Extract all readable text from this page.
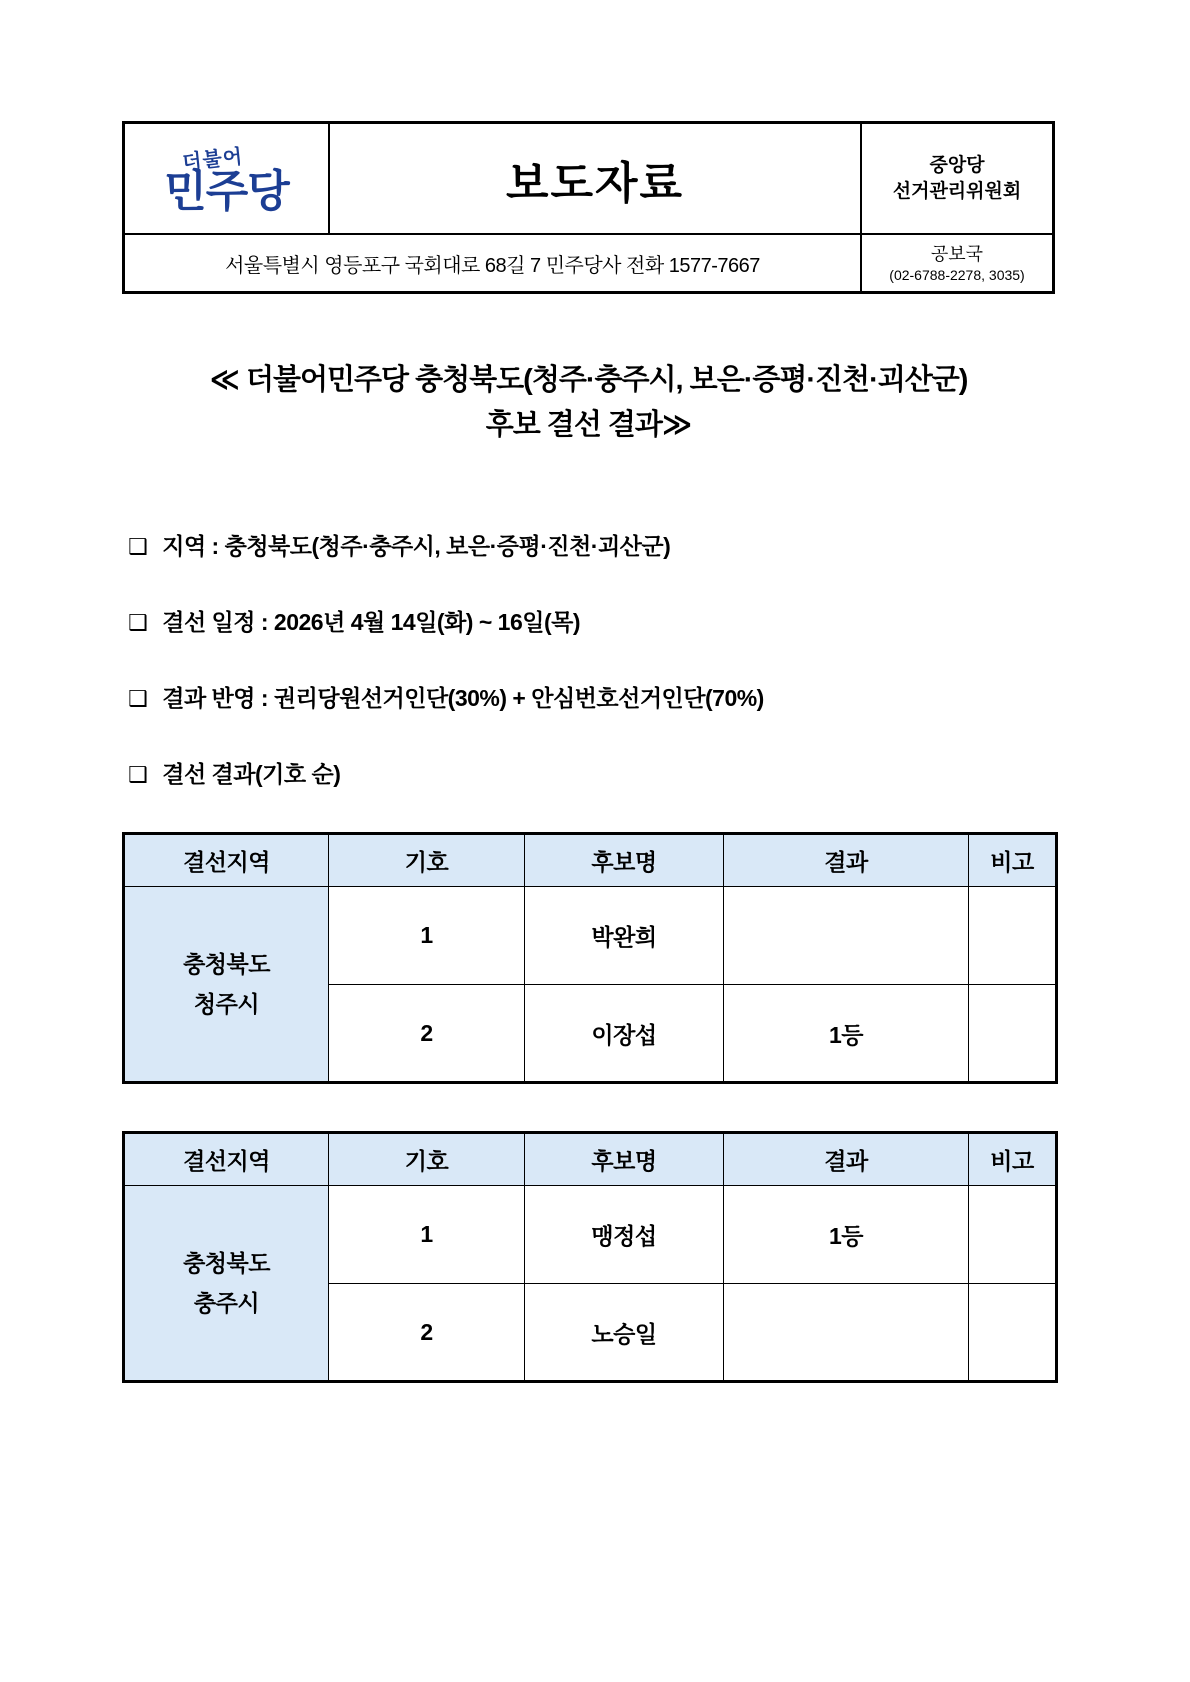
더불어
민주당	보도자료	중앙당
선거관리위원회
서울특별시 영등포구 국회대로 68길 7 민주당사 전화 1577-7667
공보국
(02-6788-2278, 3035)
≪ 더불어민주당 충청북도(청주·충주시, 보은·증평·진천·괴산군)
후보 결선 결과≫
❑ 지역 : 충청북도(청주·충주시, 보은·증평·진천·괴산군)
❑ 결선 일정 : 2026년 4월 14일(화) ~ 16일(목)
❑ 결과 반영 : 권리당원선거인단(30%) + 안심번호선거인단(70%)
❑ 결선 결과(기호 순)
결선지역	기호	후보명	결과	비고

충청북도
청주시	1	박완희		
	2	이장섭	1등	
결선지역	기호	후보명	결과	비고

충청북도
충주시	1	맹정섭	1등	
	2	노승일		
